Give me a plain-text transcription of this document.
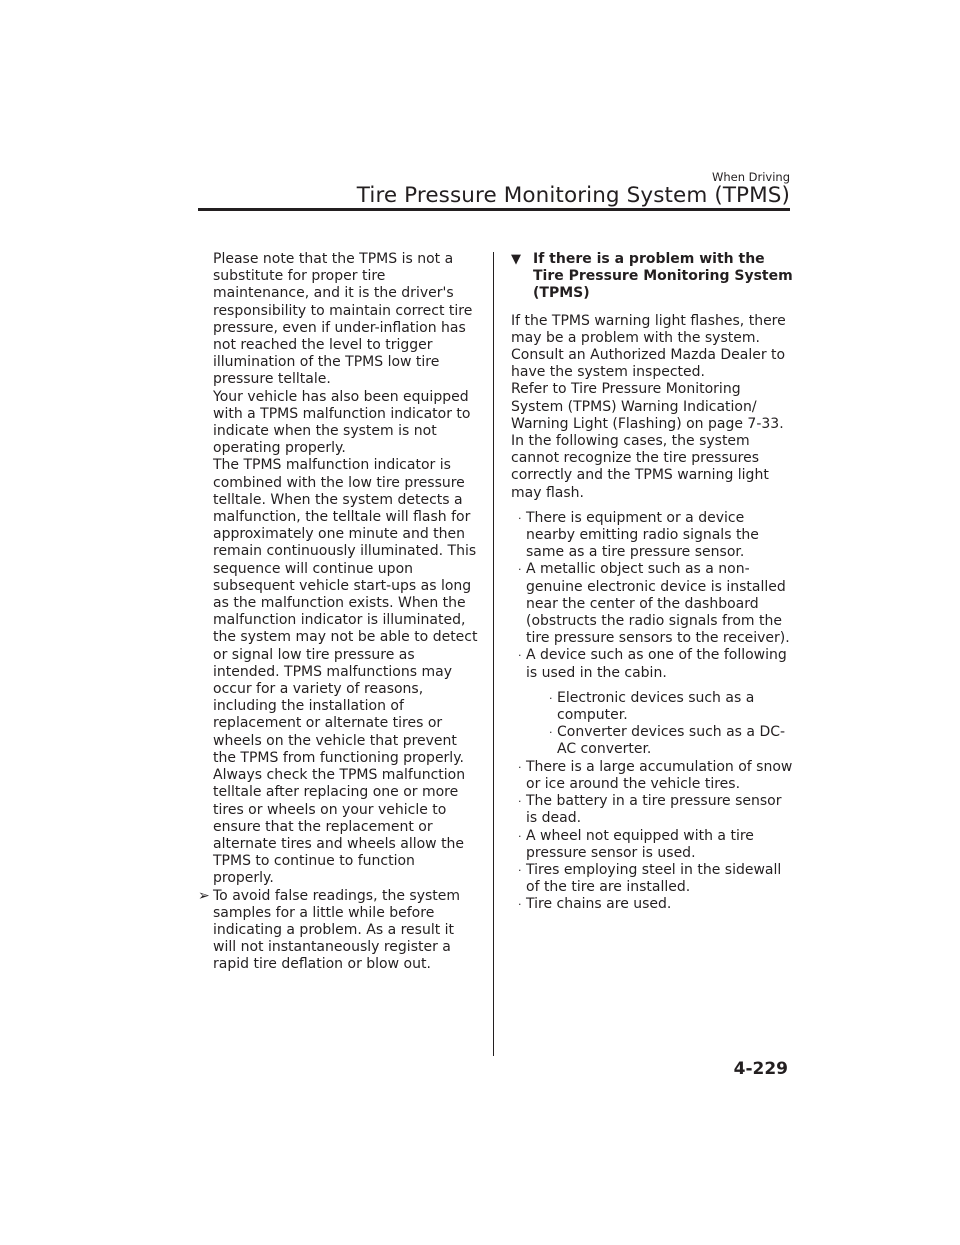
When Driving
Tire Pressure Monitoring System (TPMS)

Please note that the TPMS is not a substitute for proper tire maintenance, and it is the driver's responsibility to maintain correct tire pressure, even if under-inflation has not reached the level to trigger illumination of the TPMS low tire pressure telltale.
Your vehicle has also been equipped with a TPMS malfunction indicator to indicate when the system is not operating properly.
The TPMS malfunction indicator is combined with the low tire pressure telltale. When the system detects a malfunction, the telltale will flash for approximately one minute and then remain continuously illuminated. This sequence will continue upon subsequent vehicle start-ups as long as the malfunction exists. When the malfunction indicator is illuminated, the system may not be able to detect or signal low tire pressure as intended. TPMS malfunctions may occur for a variety of reasons, including the installation of replacement or alternate tires or wheels on the vehicle that prevent the TPMS from functioning properly. Always check the TPMS malfunction telltale after replacing one or more tires or wheels on your vehicle to ensure that the replacement or alternate tires and wheels allow the TPMS to continue to function properly.

➢ To avoid false readings, the system samples for a little while before indicating a problem. As a result it will not instantaneously register a rapid tire deflation or blow out.
▼ If there is a problem with the Tire Pressure Monitoring System (TPMS)

If the TPMS warning light flashes, there may be a problem with the system. Consult an Authorized Mazda Dealer to have the system inspected.
Refer to Tire Pressure Monitoring System (TPMS) Warning Indication/ Warning Light (Flashing) on page 7-33.
In the following cases, the system cannot recognize the tire pressures correctly and the TPMS warning light may flash.

· There is equipment or a device nearby emitting radio signals the same as a tire pressure sensor.
· A metallic object such as a non-genuine electronic device is installed near the center of the dashboard (obstructs the radio signals from the tire pressure sensors to the receiver).
· A device such as one of the following is used in the cabin.
· Electronic devices such as a computer.
· Converter devices such as a DC-AC converter.
· There is a large accumulation of snow or ice around the vehicle tires.
· The battery in a tire pressure sensor is dead.
· A wheel not equipped with a tire pressure sensor is used.
· Tires employing steel in the sidewall of the tire are installed.
· Tire chains are used.
4-229
